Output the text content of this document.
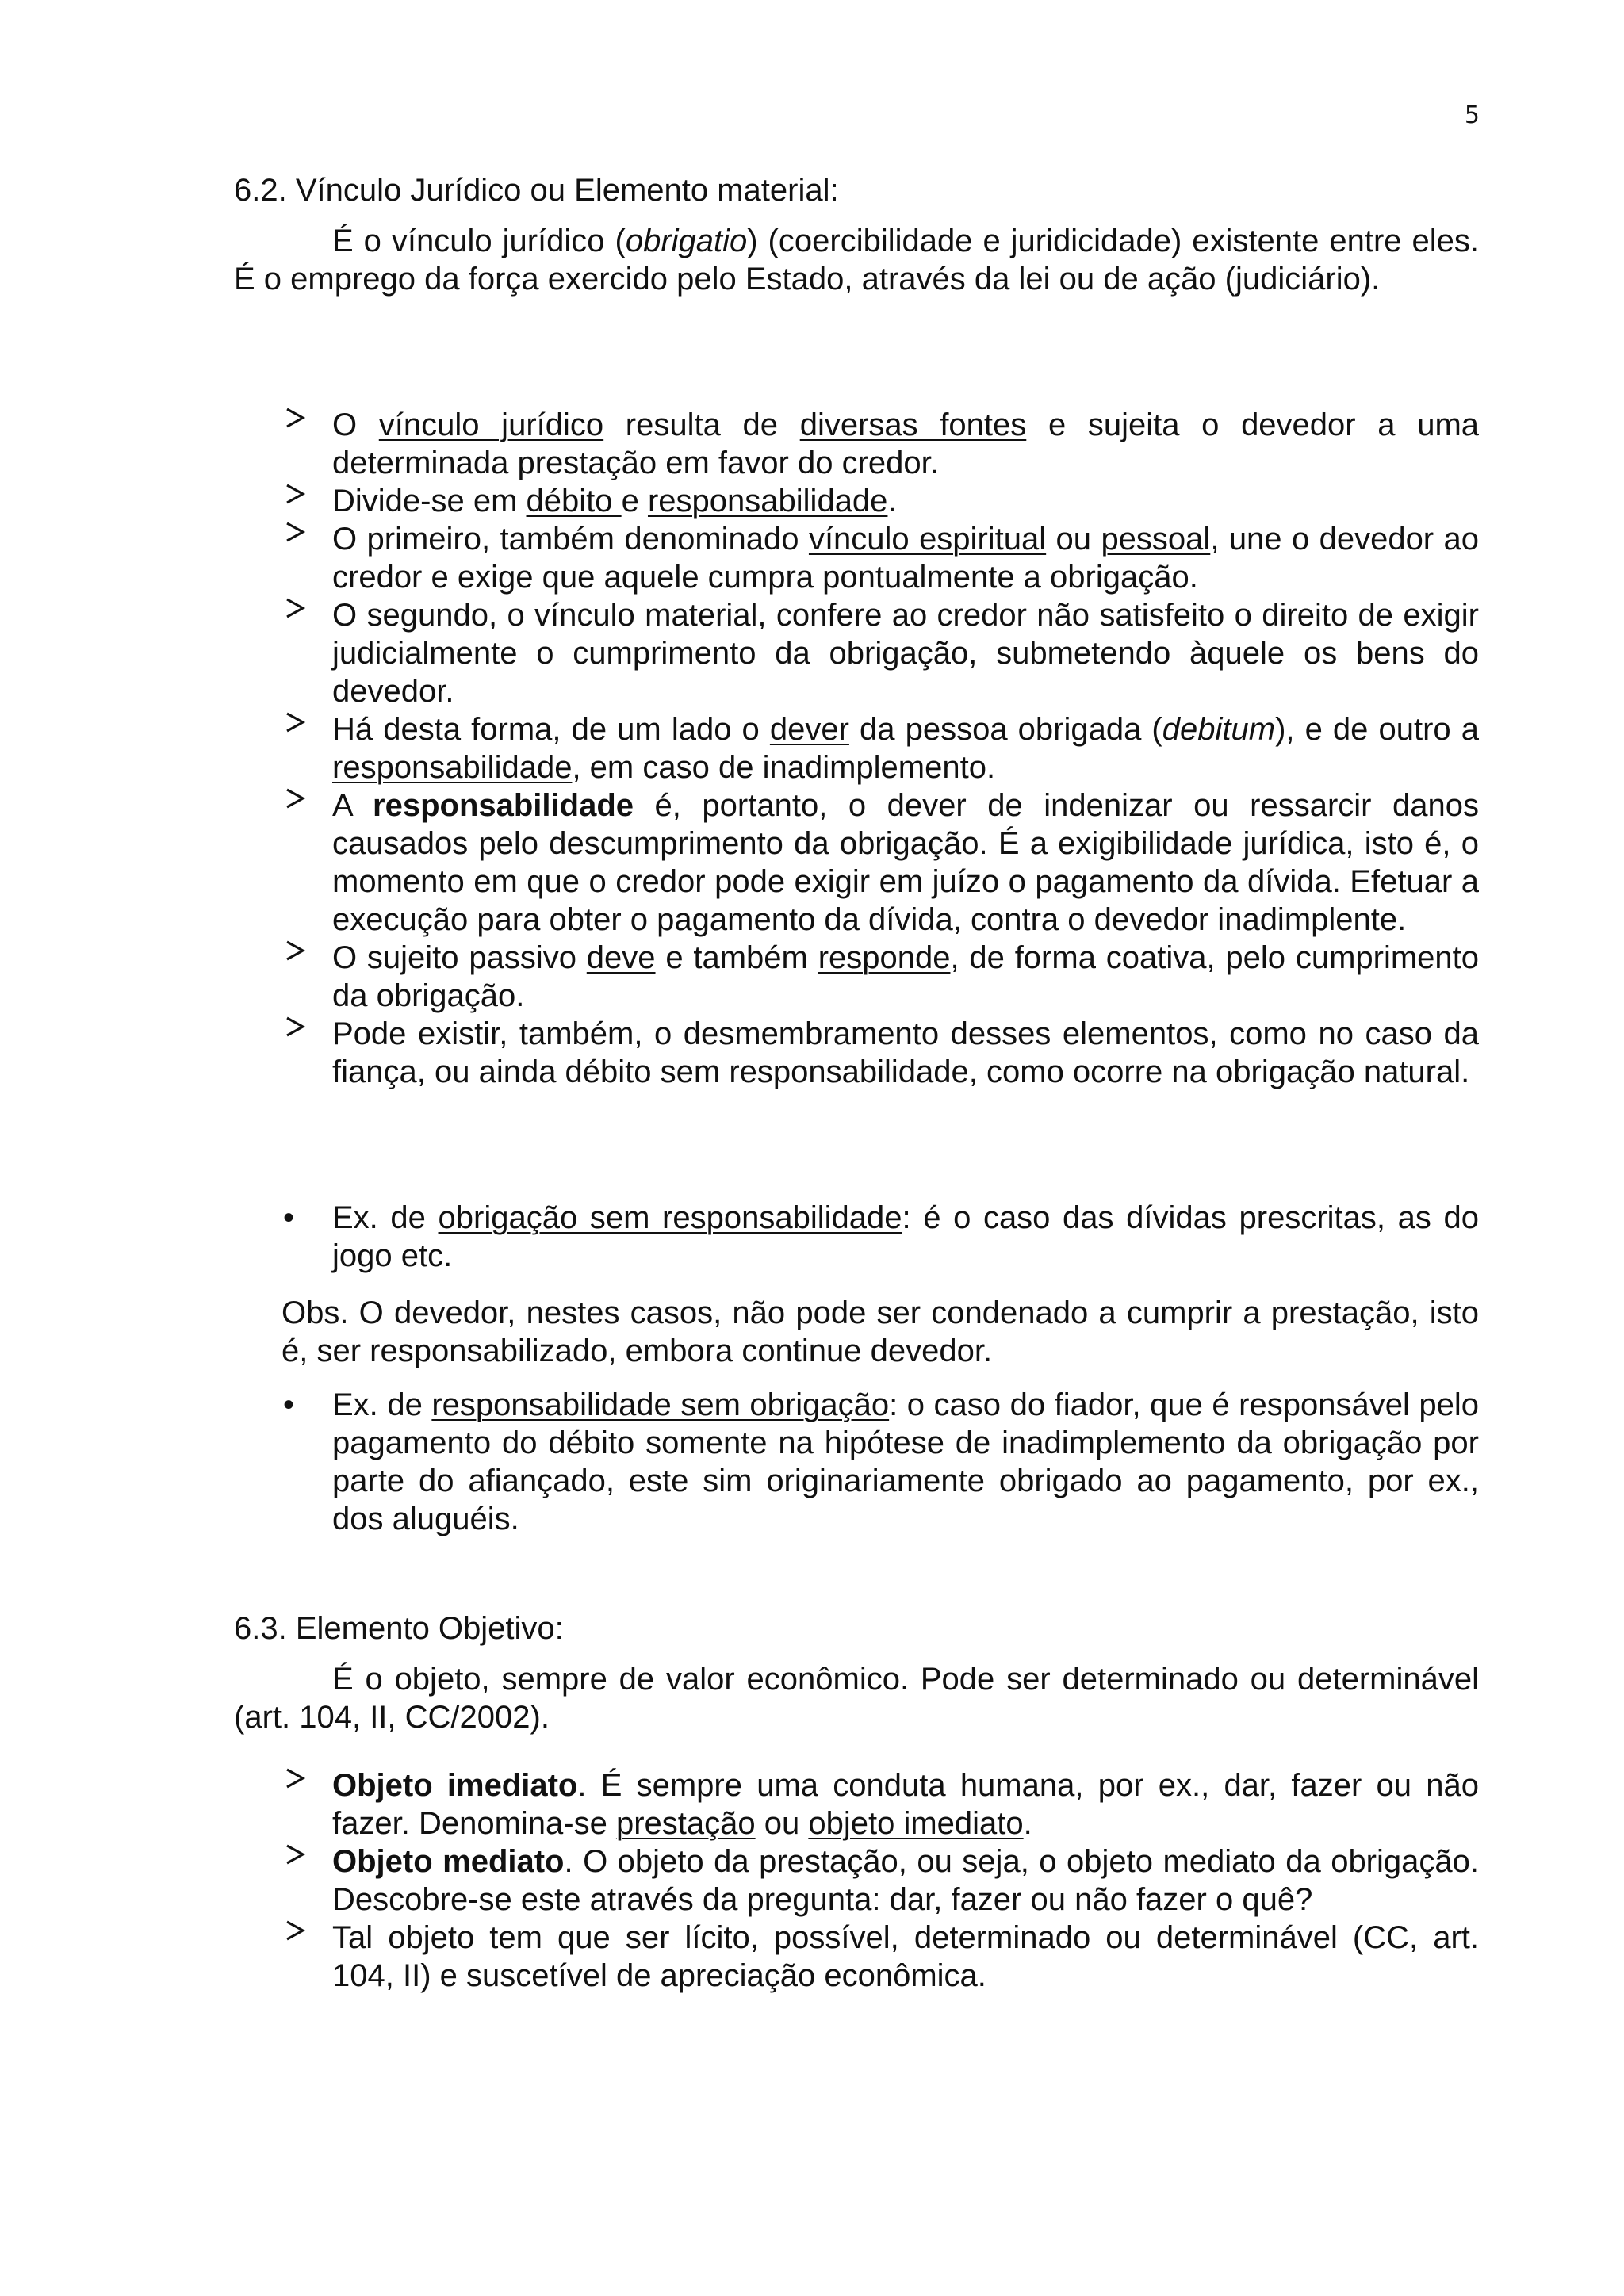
5

6.2. Vínculo Jurídico ou Elemento material:

É o vínculo jurídico (obrigatio) (coercibilidade e juridicidade) existente entre eles. É o emprego da força exercido pelo Estado, através da lei ou de ação (judiciário).

O vínculo jurídico resulta de diversas fontes e sujeita o devedor a uma determinada prestação em favor do credor.
Divide-se em débito e responsabilidade.
O primeiro, também denominado vínculo espiritual ou pessoal, une o devedor ao credor e exige que aquele cumpra pontualmente a obrigação.
O segundo, o vínculo material, confere ao credor não satisfeito o direito de exigir judicialmente o cumprimento da obrigação, submetendo àquele os bens do devedor.
Há desta forma, de um lado o dever da pessoa obrigada (debitum), e de outro a responsabilidade, em caso de inadimplemento.
A responsabilidade é, portanto, o dever de indenizar ou ressarcir danos causados pelo descumprimento da obrigação. É a exigibilidade jurídica, isto é, o momento em que o credor pode exigir em juízo o pagamento da dívida. Efetuar a execução para obter o pagamento da dívida, contra o devedor inadimplente.
O sujeito passivo deve e também responde, de forma coativa, pelo cumprimento da obrigação.
Pode existir, também, o desmembramento desses elementos, como no caso da fiança, ou ainda débito sem responsabilidade, como ocorre na obrigação natural.
• Ex. de obrigação sem responsabilidade: é o caso das dívidas prescritas, as do jogo etc.

Obs. O devedor, nestes casos, não pode ser condenado a cumprir a prestação, isto é, ser responsabilizado, embora continue devedor.

• Ex. de responsabilidade sem obrigação: o caso do fiador, que é responsável pelo pagamento do débito somente na hipótese de inadimplemento da obrigação por parte do afiançado, este sim originariamente obrigado ao pagamento, por ex., dos aluguéis.

6.3. Elemento Objetivo:

É o objeto, sempre de valor econômico. Pode ser determinado ou determinável (art. 104, II, CC/2002).

Objeto imediato. É sempre uma conduta humana, por ex., dar, fazer ou não fazer. Denomina-se prestação ou objeto imediato.
Objeto mediato. O objeto da prestação, ou seja, o objeto mediato da obrigação. Descobre-se este através da pregunta: dar, fazer ou não fazer o quê?
Tal objeto tem que ser lícito, possível, determinado ou determinável (CC, art. 104, II) e suscetível de apreciação econômica.
